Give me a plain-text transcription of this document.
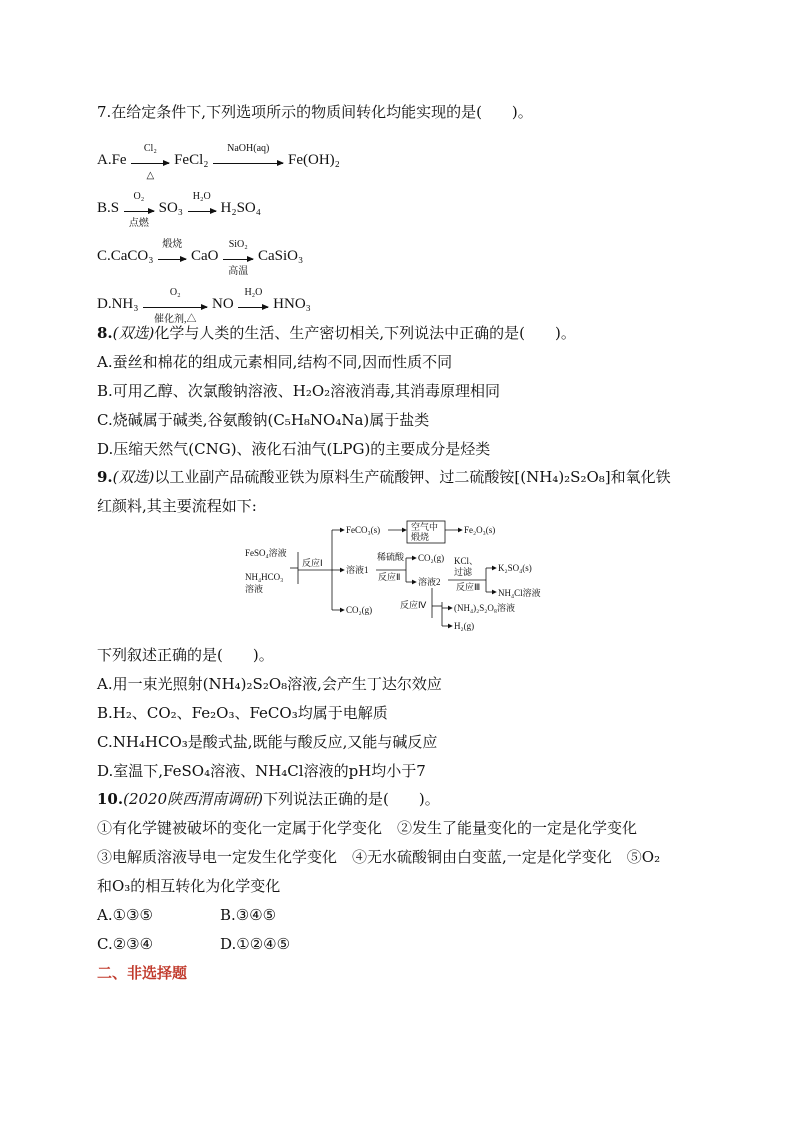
7.在给定条件下,下列选项所示的物质间转化均能实现的是(　　)。
A.Fe
Cl₂
△
FeCl₂
NaOH(aq)
Fe(OH)₂
B.S
O₂
点燃
SO₃
H₂O
H₂SO₄
C.CaCO₃
煅烧
CaO
SiO₂
高温
CaSiO₃
D.NH₃
O₂
催化剂,△
NO
H₂O
HNO₃
8.(双选)化学与人类的生活、生产密切相关,下列说法中正确的是(　　)。
A.蚕丝和棉花的组成元素相同,结构不同,因而性质不同
B.可用乙醇、次氯酸钠溶液、H₂O₂溶液消毒,其消毒原理相同
C.烧碱属于碱类,谷氨酸钠(C₅H₈NO₄Na)属于盐类
D.压缩天然气(CNG)、液化石油气(LPG)的主要成分是烃类
9.(双选)以工业副产品硫酸亚铁为原料生产硫酸钾、过二硫酸铵[(NH₄)₂S₂O₈]和氧化铁
红颜料,其主要流程如下:
FeSO₄溶液
NH₄HCO₃
溶液
反应Ⅰ
FeCO₃(s)	空气中
煅烧
Fe₂O₃(s)
溶液1
稀硫酸
反应Ⅱ
CO₂(g)
溶液2
KCl、
过滤
反应Ⅲ
K₂SO₄(s)
NH₄Cl溶液
反应Ⅳ	(NH₄)₂S₂O₈溶液
H₂(g)
CO₂(g)
下列叙述正确的是(　　)。
A.用一束光照射(NH₄)₂S₂O₈溶液,会产生丁达尔效应
B.H₂、CO₂、Fe₂O₃、FeCO₃均属于电解质
C.NH₄HCO₃是酸式盐,既能与酸反应,又能与碱反应
D.室温下,FeSO₄溶液、NH₄Cl溶液的pH均小于7
10.(2020陕西渭南调研)下列说法正确的是(　　)。
①有化学键被破坏的变化一定属于化学变化　②发生了能量变化的一定是化学变化
③电解质溶液导电一定发生化学变化　④无水硫酸铜由白变蓝,一定是化学变化　⑤O₂
和O₃的相互转化为化学变化
A.①③⑤	B.③④⑤
C.②③④	D.①②④⑤
二、非选择题
